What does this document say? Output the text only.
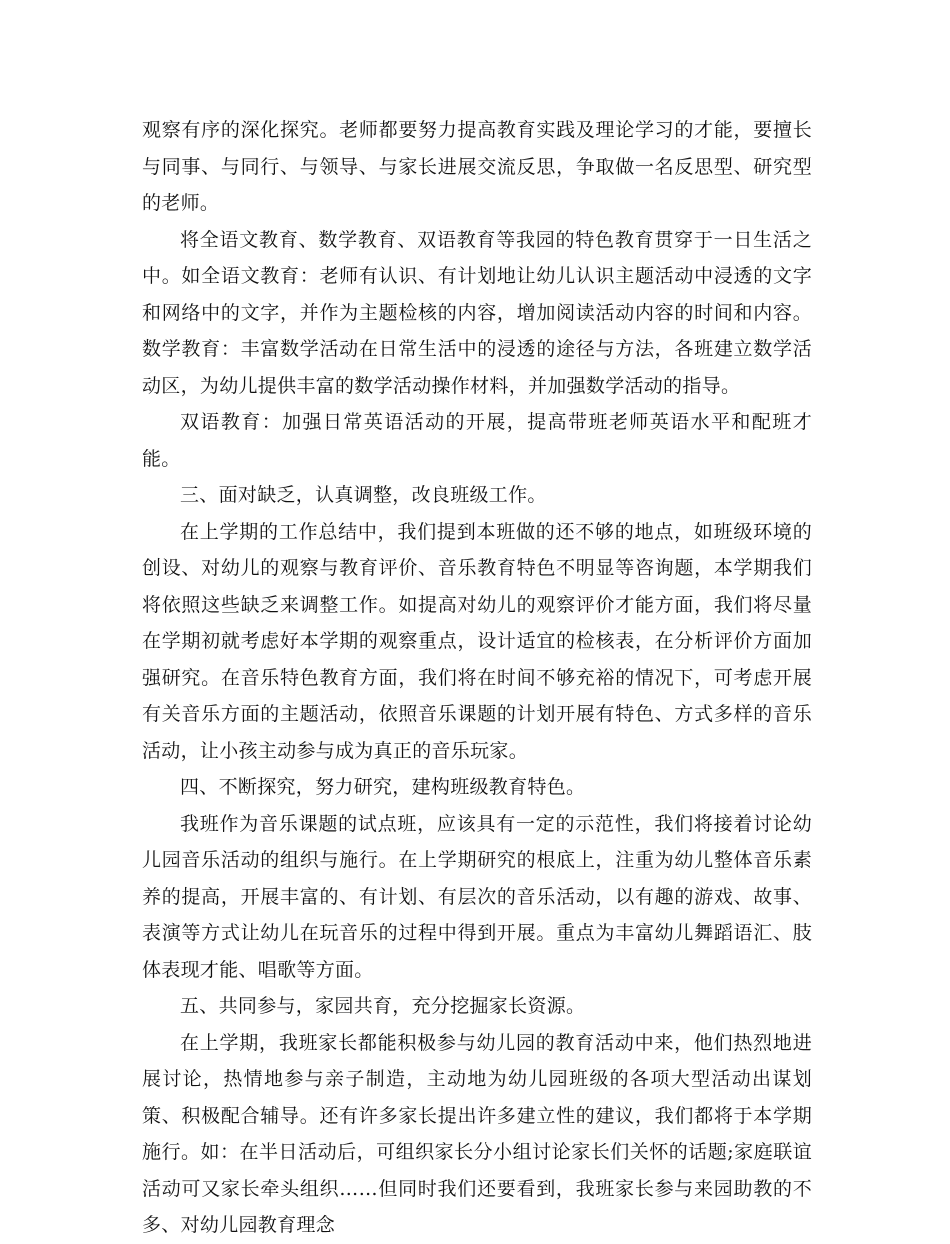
观察有序的深化探究。老师都要努力提高教育实践及理论学习的才能，要擅长与同事、与同行、与领导、与家长进展交流反思，争取做一名反思型、研究型的老师。

将全语文教育、数学教育、双语教育等我园的特色教育贯穿于一日生活之中。如全语文教育：老师有认识、有计划地让幼儿认识主题活动中浸透的文字和网络中的文字，并作为主题检核的内容，增加阅读活动内容的时间和内容。数学教育：丰富数学活动在日常生活中的浸透的途径与方法，各班建立数学活动区，为幼儿提供丰富的数学活动操作材料，并加强数学活动的指导。

双语教育：加强日常英语活动的开展，提高带班老师英语水平和配班才能。

三、面对缺乏，认真调整，改良班级工作。

在上学期的工作总结中，我们提到本班做的还不够的地点，如班级环境的创设、对幼儿的观察与教育评价、音乐教育特色不明显等咨询题，本学期我们将依照这些缺乏来调整工作。如提高对幼儿的观察评价才能方面，我们将尽量在学期初就考虑好本学期的观察重点，设计适宜的检核表，在分析评价方面加强研究。在音乐特色教育方面，我们将在时间不够充裕的情况下，可考虑开展有关音乐方面的主题活动，依照音乐课题的计划开展有特色、方式多样的音乐活动，让小孩主动参与成为真正的音乐玩家。

四、不断探究，努力研究，建构班级教育特色。

我班作为音乐课题的试点班，应该具有一定的示范性，我们将接着讨论幼儿园音乐活动的组织与施行。在上学期研究的根底上，注重为幼儿整体音乐素养的提高，开展丰富的、有计划、有层次的音乐活动，以有趣的游戏、故事、表演等方式让幼儿在玩音乐的过程中得到开展。重点为丰富幼儿舞蹈语汇、肢体表现才能、唱歌等方面。

五、共同参与，家园共育，充分挖掘家长资源。

在上学期，我班家长都能积极参与幼儿园的教育活动中来，他们热烈地进展讨论，热情地参与亲子制造，主动地为幼儿园班级的各项大型活动出谋划策、积极配合辅导。还有许多家长提出许多建立性的建议，我们都将于本学期施行。如：在半日活动后，可组织家长分小组讨论家长们关怀的话题;家庭联谊活动可又家长牵头组织……但同时我们还要看到，我班家长参与来园助教的不多、对幼儿园教育理念
